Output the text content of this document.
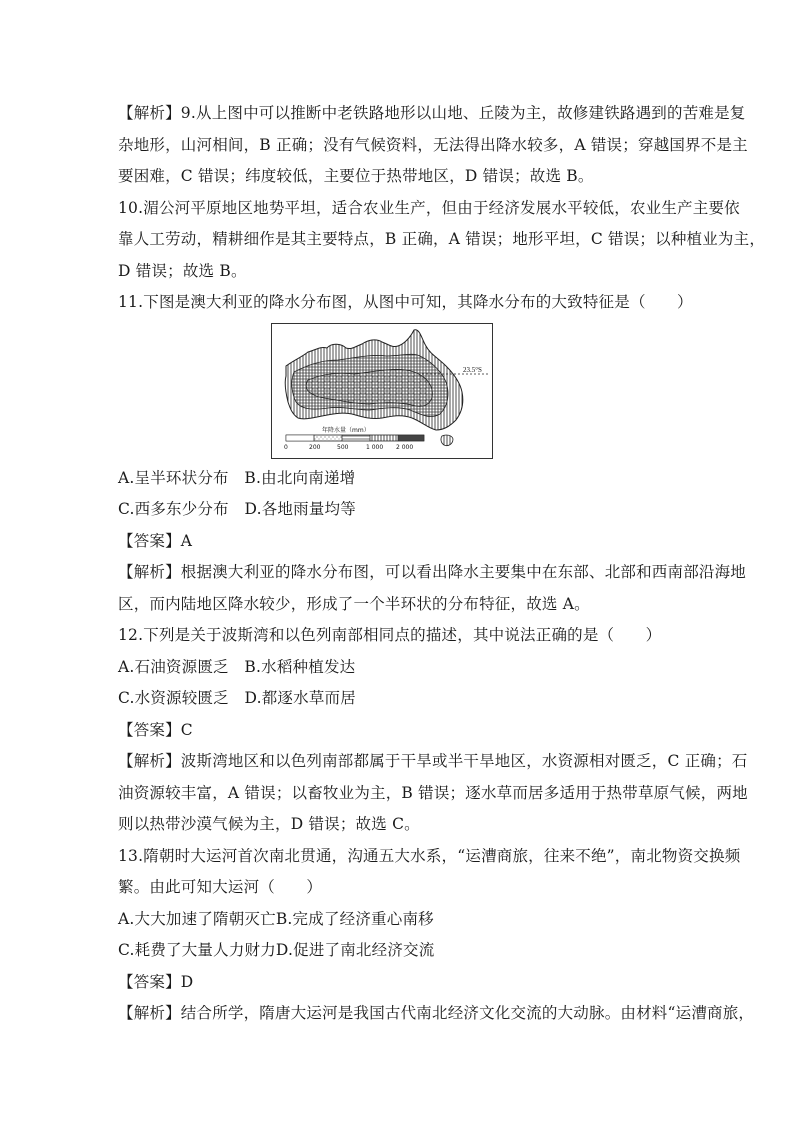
【解析】9.从上图中可以推断中老铁路地形以山地、丘陵为主，故修建铁路遇到的苦难是复
杂地形，山河相间，B 正确；没有气候资料，无法得出降水较多，A 错误；穿越国界不是主
要困难，C 错误；纬度较低，主要位于热带地区，D 错误；故选 B。
10.湄公河平原地区地势平坦，适合农业生产，但由于经济发展水平较低，农业生产主要依
靠人工劳动，精耕细作是其主要特点，B 正确，A 错误；地形平坦，C 错误；以种植业为主，
D 错误；故选 B。
11.下图是澳大利亚的降水分布图，从图中可知，其降水分布的大致特征是（　　）
23.5°S
年降水量（mm）
0	200	500	1 000 2 000
A.呈半环状分布　B.由北向南递增
C.西多东少分布　D.各地雨量均等
【答案】A
【解析】根据澳大利亚的降水分布图，可以看出降水主要集中在东部、北部和西南部沿海地
区，而内陆地区降水较少，形成了一个半环状的分布特征，故选 A。
12.下列是关于波斯湾和以色列南部相同点的描述，其中说法正确的是（　　）
A.石油资源匮乏　B.水稻种植发达
C.水资源较匮乏　D.都逐水草而居
【答案】C
【解析】波斯湾地区和以色列南部都属于干旱或半干旱地区，水资源相对匮乏，C 正确；石
油资源较丰富，A 错误；以畜牧业为主，B 错误；逐水草而居多适用于热带草原气候，两地
则以热带沙漠气候为主，D 错误；故选 C。
13.隋朝时大运河首次南北贯通，沟通五大水系，“运漕商旅，往来不绝”，南北物资交换频
繁。由此可知大运河（　　）
A.大大加速了隋朝灭亡B.完成了经济重心南移
C.耗费了大量人力财力D.促进了南北经济交流
【答案】D
【解析】结合所学，隋唐大运河是我国古代南北经济文化交流的大动脉。由材料“运漕商旅，
